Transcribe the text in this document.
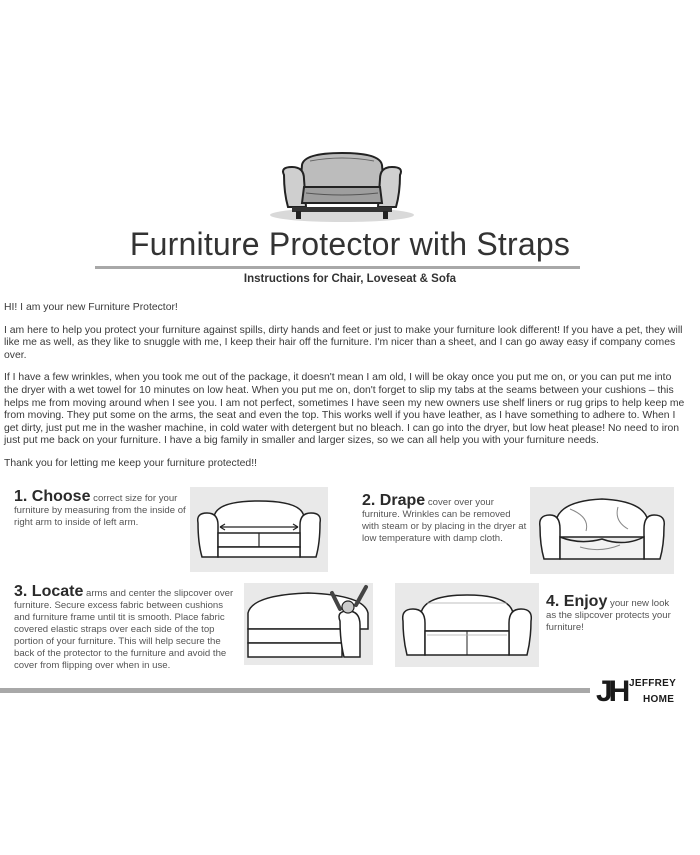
Furniture Protector with Straps
Instructions for Chair, Loveseat & Sofa

HI! I am your new Furniture Protector!

I am here to help you protect your furniture against spills, dirty hands and feet or just to make your furniture look different! If you have a pet, they will like me as well, as they like to snuggle with me, I keep their hair off the furniture. I'm nicer than a sheet, and I can go away easy if company comes over.

If I have a few wrinkles, when you took me out of the package, it doesn't mean I am old, I will be okay once you put me on, or you can put me into the dryer with a wet towel for 10 minutes on low heat. When you put me on, don't forget to slip my tabs at the seams between your cushions – this helps me from moving around when I see you. I am not perfect, sometimes I have seen my new owners use shelf liners or rug grips to help keep me from moving. They put some on the arms, the seat and even the top. This works well if you have leather, as I have something to adhere to. When I get dirty, just put me in the washer machine, in cold water with detergent but no bleach. I can go into the dryer, but low heat please! No need to iron just put me back on your furniture. I have a big family in smaller and larger sizes, so we can all help you with your furniture needs.

Thank you for letting me keep your furniture protected!!

1. Choose correct size for your furniture by measuring from the inside of right arm to inside of left arm.
2. Drape cover over your furniture. Wrinkles can be removed with steam or by placing in the dryer at low temperature with damp cloth.
3. Locate arms and center the slipcover over furniture. Secure excess fabric between cushions and furniture frame until tit is smooth. Place fabric covered elastic straps over each side of the top portion of your furniture. This will help secure the back of the protector to the furniture and avoid the cover from flipping over when in use.
4. Enjoy your new look as the slipcover protects your furniture!
JH JEFFREY
HOME
